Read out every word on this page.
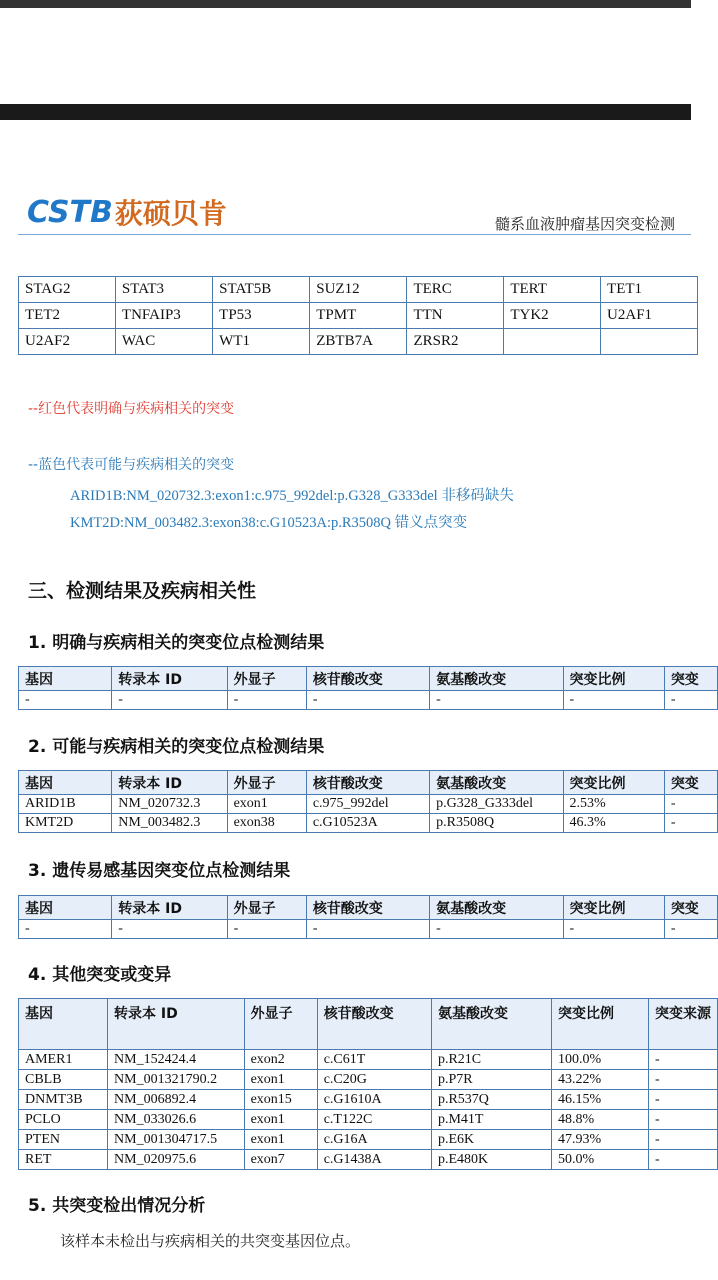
CSTB 荻硕贝肯	髓系血液肿瘤基因突变检测
STAG2	STAT3	STAT5B	SUZ12	TERC	TERT	TET1
TET2	TNFAIP3	TP53	TPMT	TTN	TYK2	U2AF1
U2AF2	WAC	WT1	ZBTB7A	ZRSR2		
--红色代表明确与疾病相关的突变
--蓝色代表可能与疾病相关的突变
ARID1B:NM_020732.3:exon1:c.975_992del:p.G328_G333del 非移码缺失
KMT2D:NM_003482.3:exon38:c.G10523A:p.R3508Q 错义点突变
三、检测结果及疾病相关性
1. 明确与疾病相关的突变位点检测结果
基因	转录本 ID	外显子	核苷酸改变	氨基酸改变	突变比例	突变
-	-	-	-	-	-	-
2. 可能与疾病相关的突变位点检测结果
基因	转录本 ID	外显子	核苷酸改变	氨基酸改变	突变比例	突变
ARID1B	NM_020732.3	exon1	c.975_992del	p.G328_G333del	2.53%	-
KMT2D	NM_003482.3	exon38	c.G10523A	p.R3508Q	46.3%	-
3. 遗传易感基因突变位点检测结果
基因	转录本 ID	外显子	核苷酸改变	氨基酸改变	突变比例	突变
-	-	-	-	-	-	-
4. 其他突变或变异
基因	转录本 ID	外显子	核苷酸改变	氨基酸改变	突变比例	突变来源
AMER1	NM_152424.4	exon2	c.C61T	p.R21C	100.0%	-
CBLB	NM_001321790.2	exon1	c.C20G	p.P7R	43.22%	-
DNMT3B	NM_006892.4	exon15	c.G1610A	p.R537Q	46.15%	-
PCLO	NM_033026.6	exon1	c.T122C	p.M41T	48.8%	-
PTEN	NM_001304717.5	exon1	c.G16A	p.E6K	47.93%	-
RET	NM_020975.6	exon7	c.G1438A	p.E480K	50.0%	-
5. 共突变检出情况分析
该样本未检出与疾病相关的共突变基因位点。
